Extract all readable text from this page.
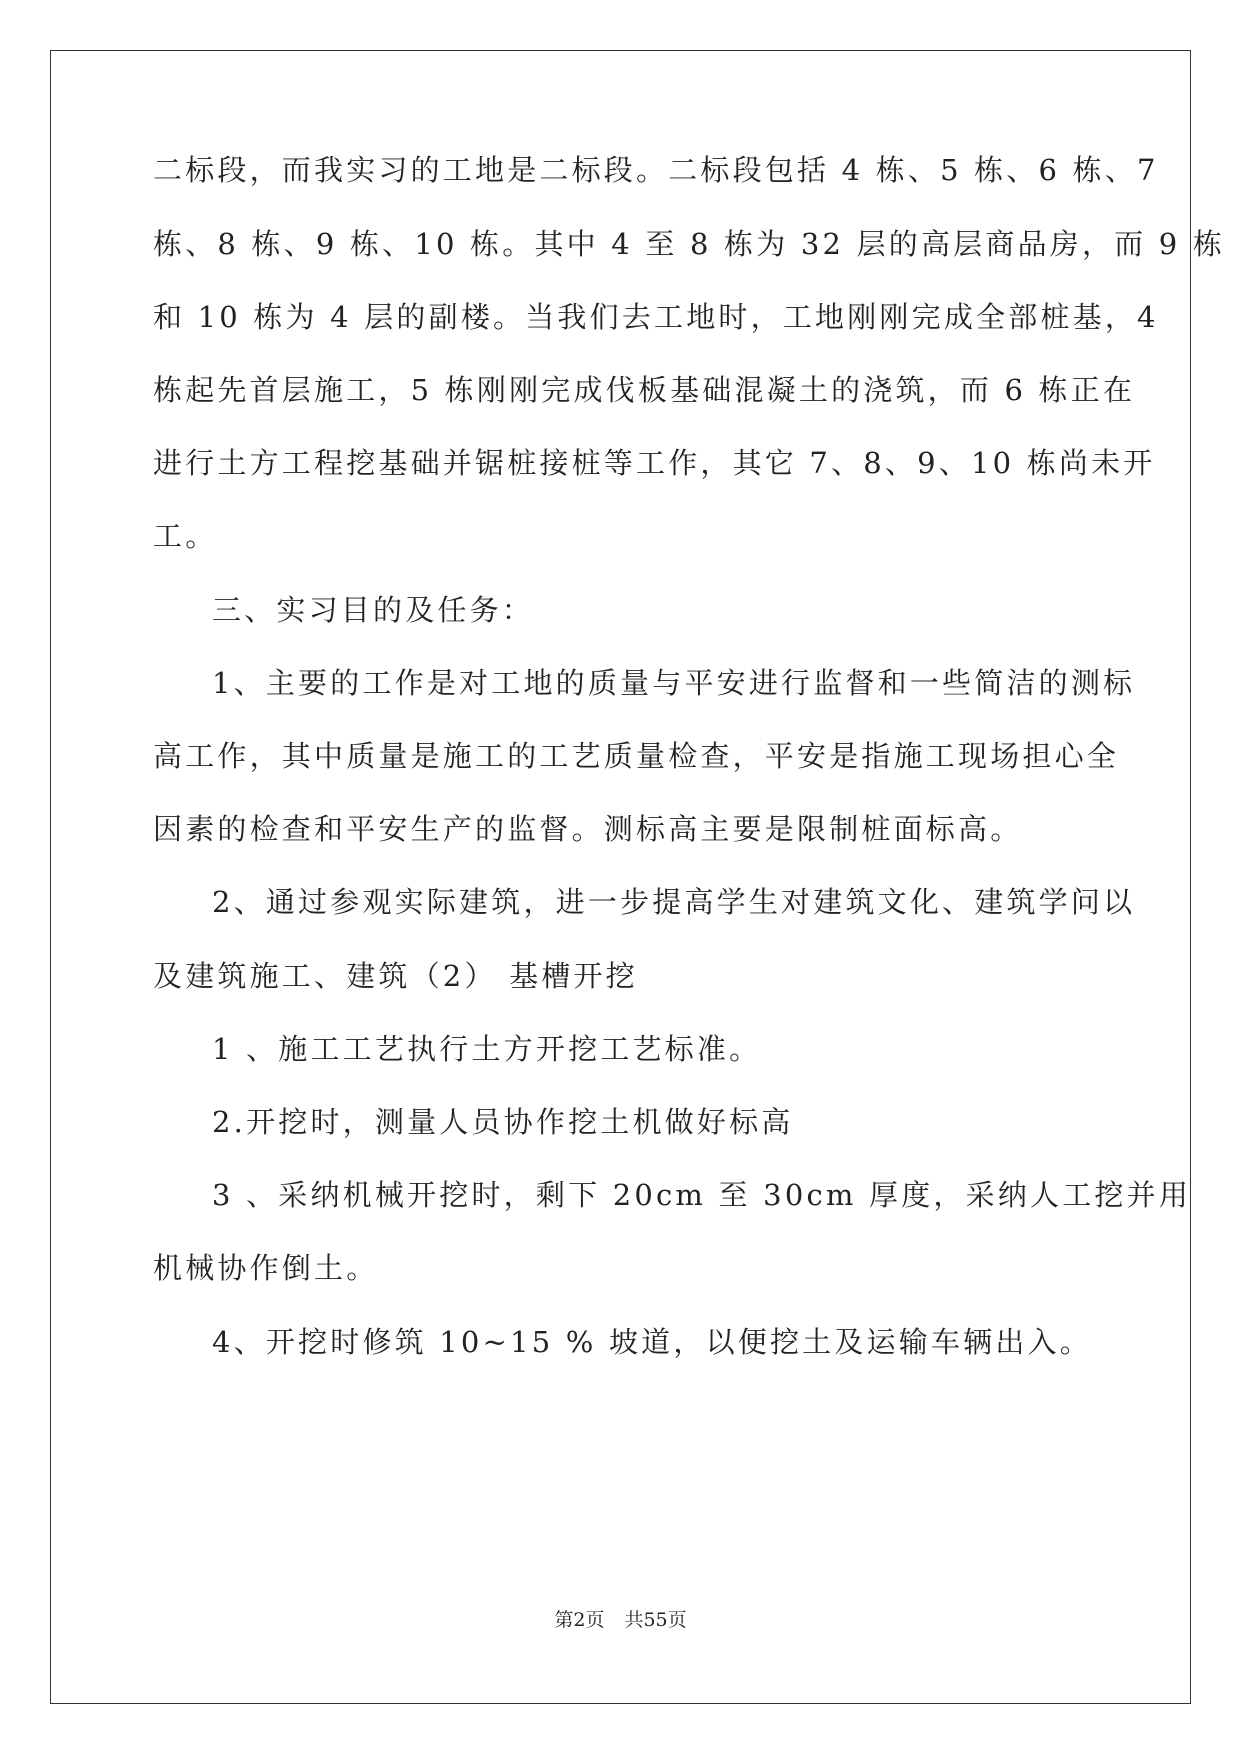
二标段，而我实习的工地是二标段。二标段包括 4 栋、5 栋、6 栋、7
栋、8 栋、9 栋、10 栋。其中 4 至 8 栋为 32 层的高层商品房，而 9 栋
和 10 栋为 4 层的副楼。当我们去工地时，工地刚刚完成全部桩基，4
栋起先首层施工，5 栋刚刚完成伐板基础混凝土的浇筑，而 6 栋正在
进行土方工程挖基础并锯桩接桩等工作，其它 7、8、9、10 栋尚未开
工。
三、实习目的及任务：
1、主要的工作是对工地的质量与平安进行监督和一些简洁的测标
高工作，其中质量是施工的工艺质量检查，平安是指施工现场担心全
因素的检查和平安生产的监督。测标高主要是限制桩面标高。
2、通过参观实际建筑，进一步提高学生对建筑文化、建筑学问以
及建筑施工、建筑（2） 基槽开挖
1 、施工工艺执行土方开挖工艺标准。
2.开挖时，测量人员协作挖土机做好标高
3 、采纳机械开挖时，剩下 20cm 至 30cm 厚度，采纳人工挖并用
机械协作倒土。
4、开挖时修筑 10~15 % 坡道，以便挖土及运输车辆出入。
第2页 共55页
